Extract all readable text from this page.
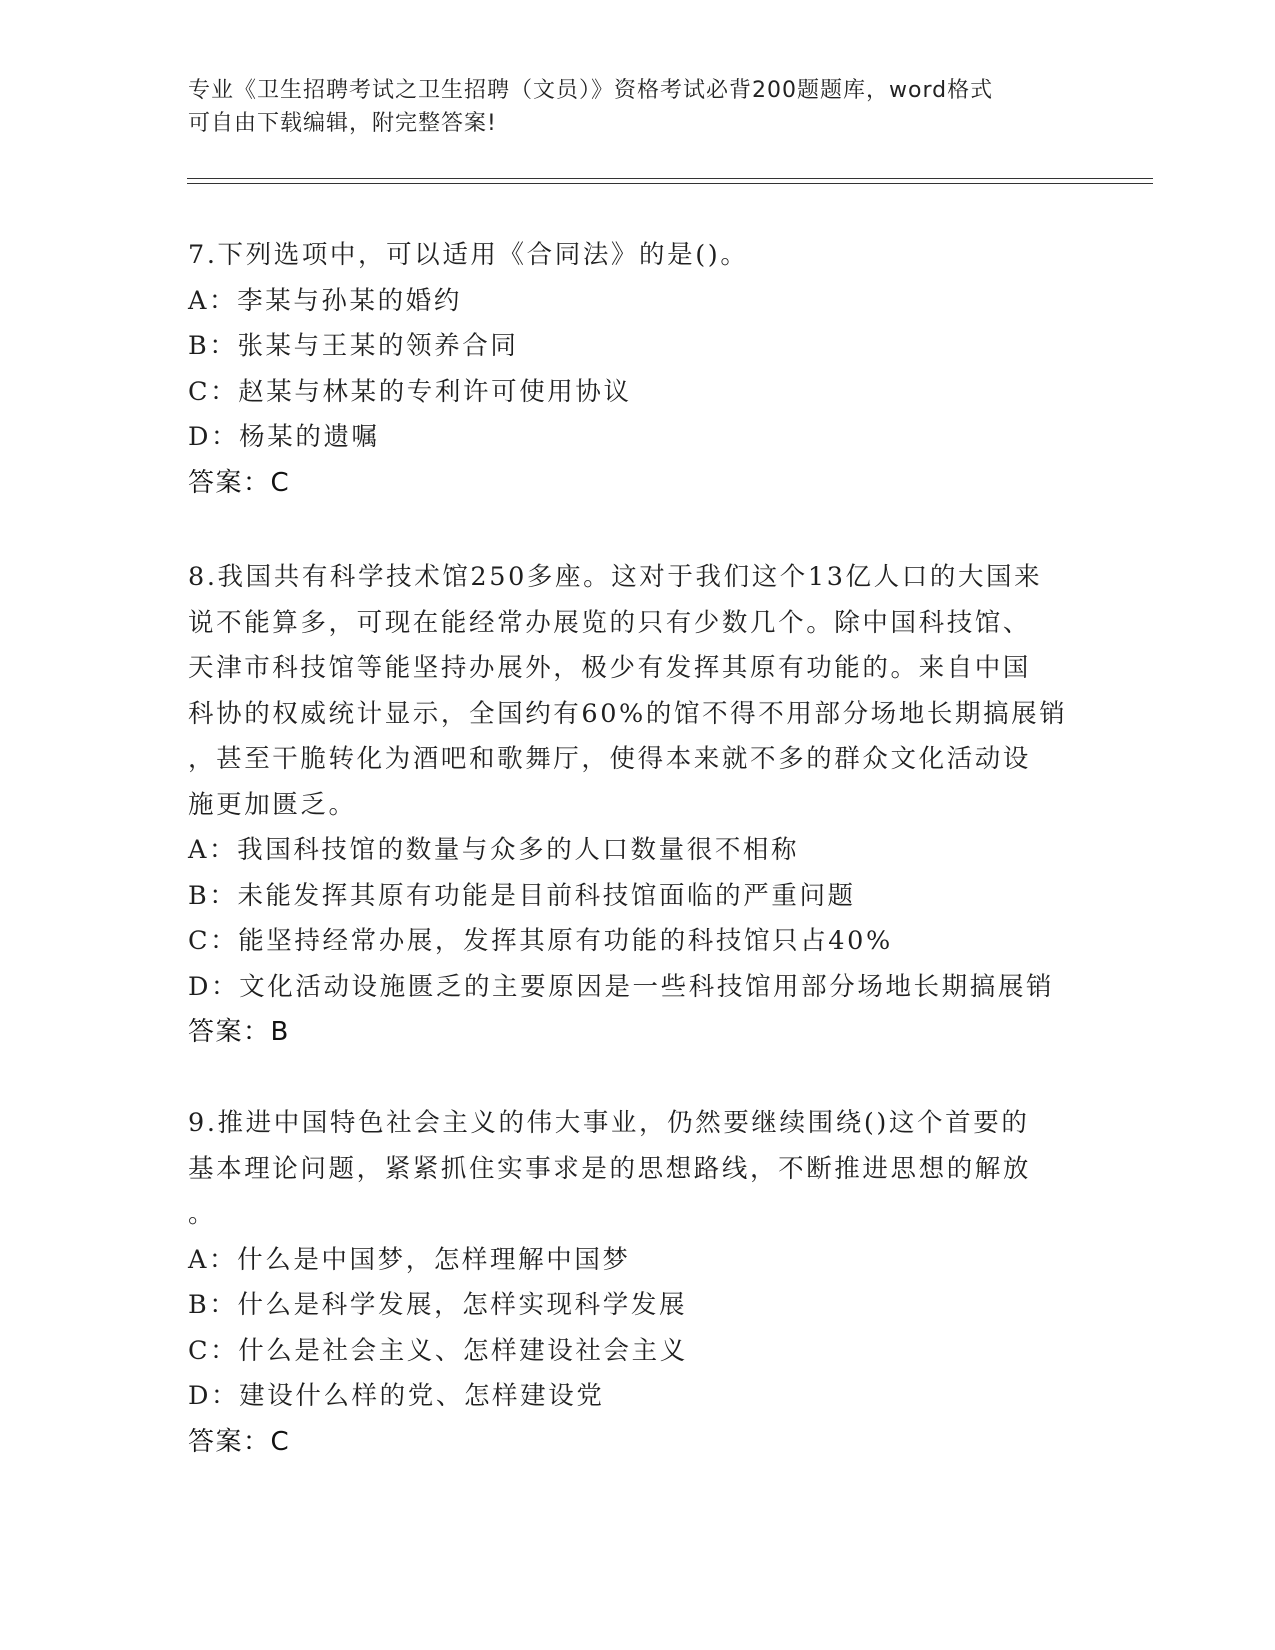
专业《卫生招聘考试之卫生招聘（文员）》资格考试必背200题题库，word格式
可自由下载编辑，附完整答案!
7.下列选项中，可以适用《合同法》的是()。
A：李某与孙某的婚约
B：张某与王某的领养合同
C：赵某与林某的专利许可使用协议
D：杨某的遗嘱
答案：C
8.我国共有科学技术馆250多座。这对于我们这个13亿人口的大国来
说不能算多，可现在能经常办展览的只有少数几个。除中国科技馆、
天津市科技馆等能坚持办展外，极少有发挥其原有功能的。来自中国
科协的权威统计显示，全国约有60%的馆不得不用部分场地长期搞展销
，甚至干脆转化为酒吧和歌舞厅，使得本来就不多的群众文化活动设
施更加匮乏。
A：我国科技馆的数量与众多的人口数量很不相称
B：未能发挥其原有功能是目前科技馆面临的严重问题
C：能坚持经常办展，发挥其原有功能的科技馆只占40%
D：文化活动设施匮乏的主要原因是一些科技馆用部分场地长期搞展销
答案：B
9.推进中国特色社会主义的伟大事业，仍然要继续围绕()这个首要的
基本理论问题，紧紧抓住实事求是的思想路线，不断推进思想的解放
。
A：什么是中国梦，怎样理解中国梦
B：什么是科学发展，怎样实现科学发展
C：什么是社会主义、怎样建设社会主义
D：建设什么样的党、怎样建设党
答案：C
